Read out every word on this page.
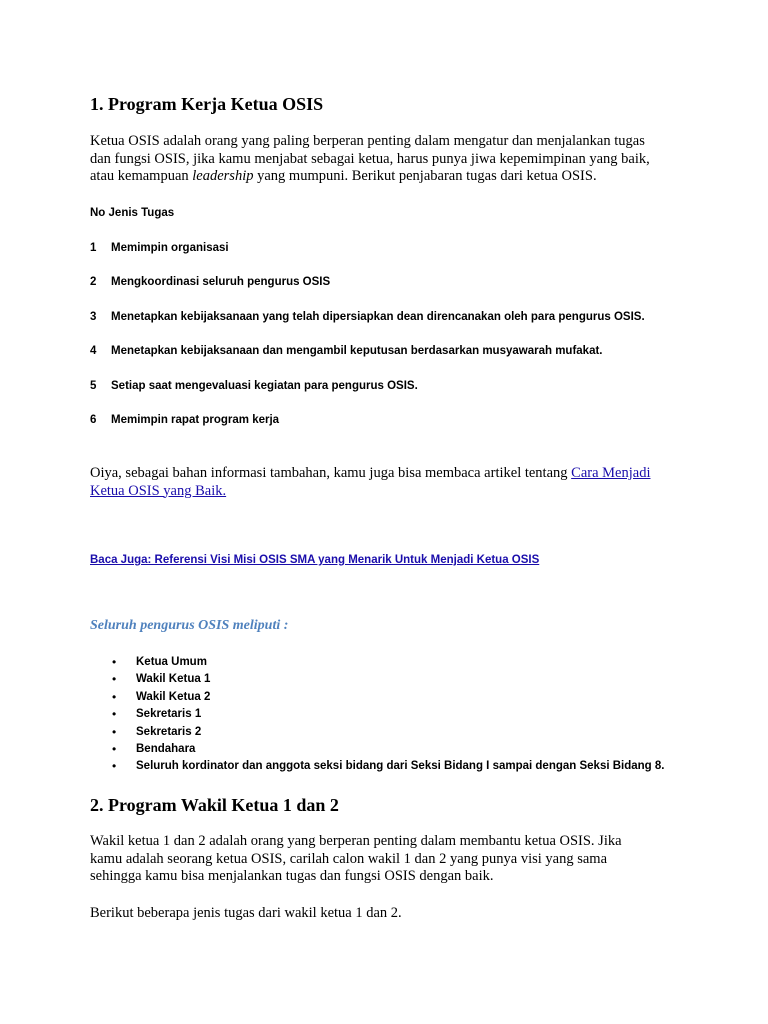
1. Program Kerja Ketua OSIS

Ketua OSIS adalah orang yang paling berperan penting dalam mengatur dan menjalankan tugas
dan fungsi OSIS, jika kamu menjabat sebagai ketua, harus punya jiwa kepemimpinan yang baik,
atau kemampuan leadership yang mumpuni. Berikut penjabaran tugas dari ketua OSIS.

No Jenis Tugas
1 Memimpin organisasi
2 Mengkoordinasi seluruh pengurus OSIS
3 Menetapkan kebijaksanaan yang telah dipersiapkan dean direncanakan oleh para pengurus OSIS.
4 Menetapkan kebijaksanaan dan mengambil keputusan berdasarkan musyawarah mufakat.
5 Setiap saat mengevaluasi kegiatan para pengurus OSIS.
6 Memimpin rapat program kerja

Oiya, sebagai bahan informasi tambahan, kamu juga bisa membaca artikel tentang Cara Menjadi
Ketua OSIS yang Baik.

Baca Juga: Referensi Visi Misi OSIS SMA yang Menarik Untuk Menjadi Ketua OSIS

Seluruh pengurus OSIS meliputi :

• Ketua Umum
• Wakil Ketua 1
• Wakil Ketua 2
• Sekretaris 1
• Sekretaris 2
• Bendahara
• Seluruh kordinator dan anggota seksi bidang dari Seksi Bidang I sampai dengan Seksi Bidang 8.
2. Program Wakil Ketua 1 dan 2

Wakil ketua 1 dan 2 adalah orang yang berperan penting dalam membantu ketua OSIS. Jika
kamu adalah seorang ketua OSIS, carilah calon wakil 1 dan 2 yang punya visi yang sama
sehingga kamu bisa menjalankan tugas dan fungsi OSIS dengan baik.

Berikut beberapa jenis tugas dari wakil ketua 1 dan 2.
